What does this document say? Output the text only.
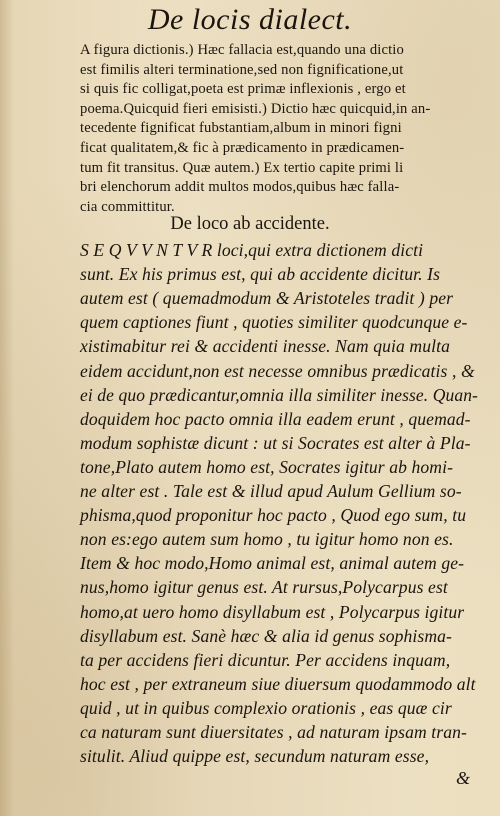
De locis dialect.
A figura dictionis.) Hæc fallacia est,quando una dictio
est fimilis alteri terminatione,sed non fignificatione,ut
si quis fic colligat,poeta est primæ inflexionis , ergo et
poema.Quicquid fieri emisisti.) Dictio hæc quicquid,in an-
tecedente fignificat fubstantiam,album in minori figni
ficat qualitatem,& fic à prædicamento in prædicamen-
tum fit transitus. Quæ autem.) Ex tertio capite primi li
bri elenchorum addit multos modos,quibus hæc falla-
cia committitur.
De loco ab accidente.
S E Q V V N T V R loci,qui extra dictionem dicti
sunt. Ex his primus est, qui ab accidente dicitur. Is
autem est ( quemadmodum & Aristoteles tradit ) per
quem captiones fiunt , quoties similiter quodcunque e-
xistimabitur rei & accidenti inesse. Nam quia multa
eidem accidunt,non est necesse omnibus prædicatis , &
ei de quo prædicantur,omnia illa similiter inesse. Quan-
doquidem hoc pacto omnia illa eadem erunt , quemad-
modum sophistæ dicunt : ut si Socrates est alter à Pla-
tone,Plato autem homo est, Socrates igitur ab homi-
ne alter est . Tale est & illud apud Aulum Gellium so-
phisma,quod proponitur hoc pacto , Quod ego sum, tu
non es:ego autem sum homo , tu igitur homo non es.
Item & hoc modo,Homo animal est, animal autem ge-
nus,homo igitur genus est. At rursus,Polycarpus est
homo,at uero homo disyllabum est , Polycarpus igitur
disyllabum est. Sanè hæc & alia id genus sophisma-
ta per accidens fieri dicuntur. Per accidens inquam,
hoc est , per extraneum siue diuersum quodammodo alt
quid , ut in quibus complexio orationis , eas quæ cir
ca naturam sunt diuersitates , ad naturam ipsam tran-
situlit. Aliud quippe est, secundum naturam esse,
&
